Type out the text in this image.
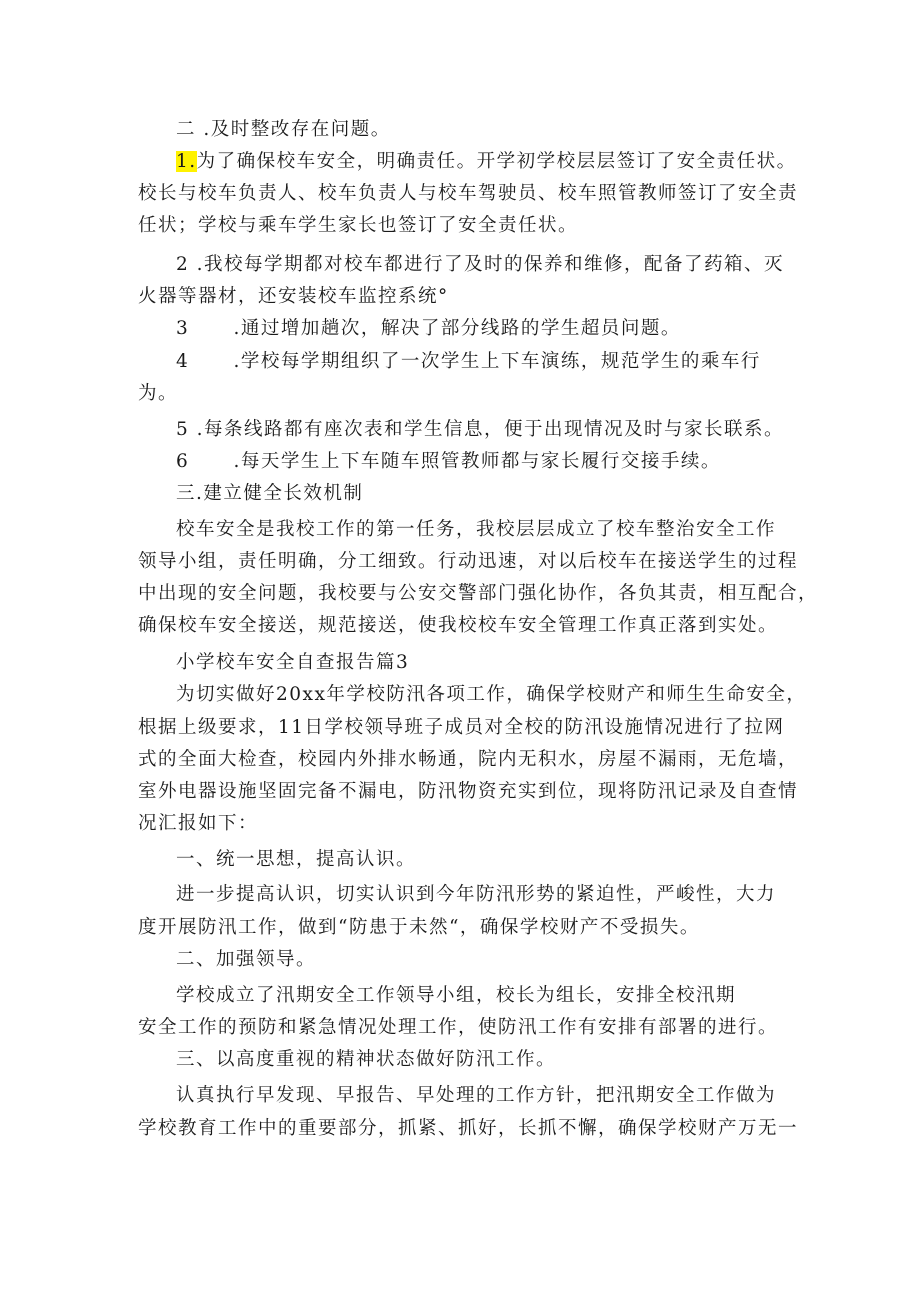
二 .及时整改存在问题。
1.为了确保校车安全，明确责任。开学初学校层层签订了安全责任状。
校长与校车负责人、校车负责人与校车驾驶员、校车照管教师签订了安全责
任状；学校与乘车学生家长也签订了安全责任状。
2 .我校每学期都对校车都进行了及时的保养和维修，配备了药箱、灭
火器等器材，还安装校车监控系统°
3      .通过增加趟次，解决了部分线路的学生超员问题。
4      .学校每学期组织了一次学生上下车演练，规范学生的乘车行
为。
5 .每条线路都有座次表和学生信息，便于出现情况及时与家长联系。
6      .每天学生上下车随车照管教师都与家长履行交接手续。
三.建立健全长效机制
校车安全是我校工作的第一任务，我校层层成立了校车整治安全工作
领导小组，责任明确，分工细致。行动迅速，对以后校车在接送学生的过程
中出现的安全问题，我校要与公安交警部门强化协作，各负其责，相互配合，
确保校车安全接送，规范接送，使我校校车安全管理工作真正落到实处。
小学校车安全自查报告篇3
为切实做好20xx年学校防汛各项工作，确保学校财产和师生生命安全，
根据上级要求，11日学校领导班子成员对全校的防汛设施情况进行了拉网
式的全面大检查，校园内外排水畅通，院内无积水，房屋不漏雨，无危墙，
室外电器设施坚固完备不漏电，防汛物资充实到位，现将防汛记录及自查情
况汇报如下：
一、统一思想，提高认识。
进一步提高认识，切实认识到今年防汛形势的紧迫性，严峻性，大力
度开展防汛工作，做到“防患于未然“，确保学校财产不受损失。
二、加强领导。
学校成立了汛期安全工作领导小组，校长为组长，安排全校汛期
安全工作的预防和紧急情况处理工作，使防汛工作有安排有部署的进行。
三、以高度重视的精神状态做好防汛工作。
认真执行早发现、早报告、早处理的工作方针，把汛期安全工作做为
学校教育工作中的重要部分，抓紧、抓好，长抓不懈，确保学校财产万无一
